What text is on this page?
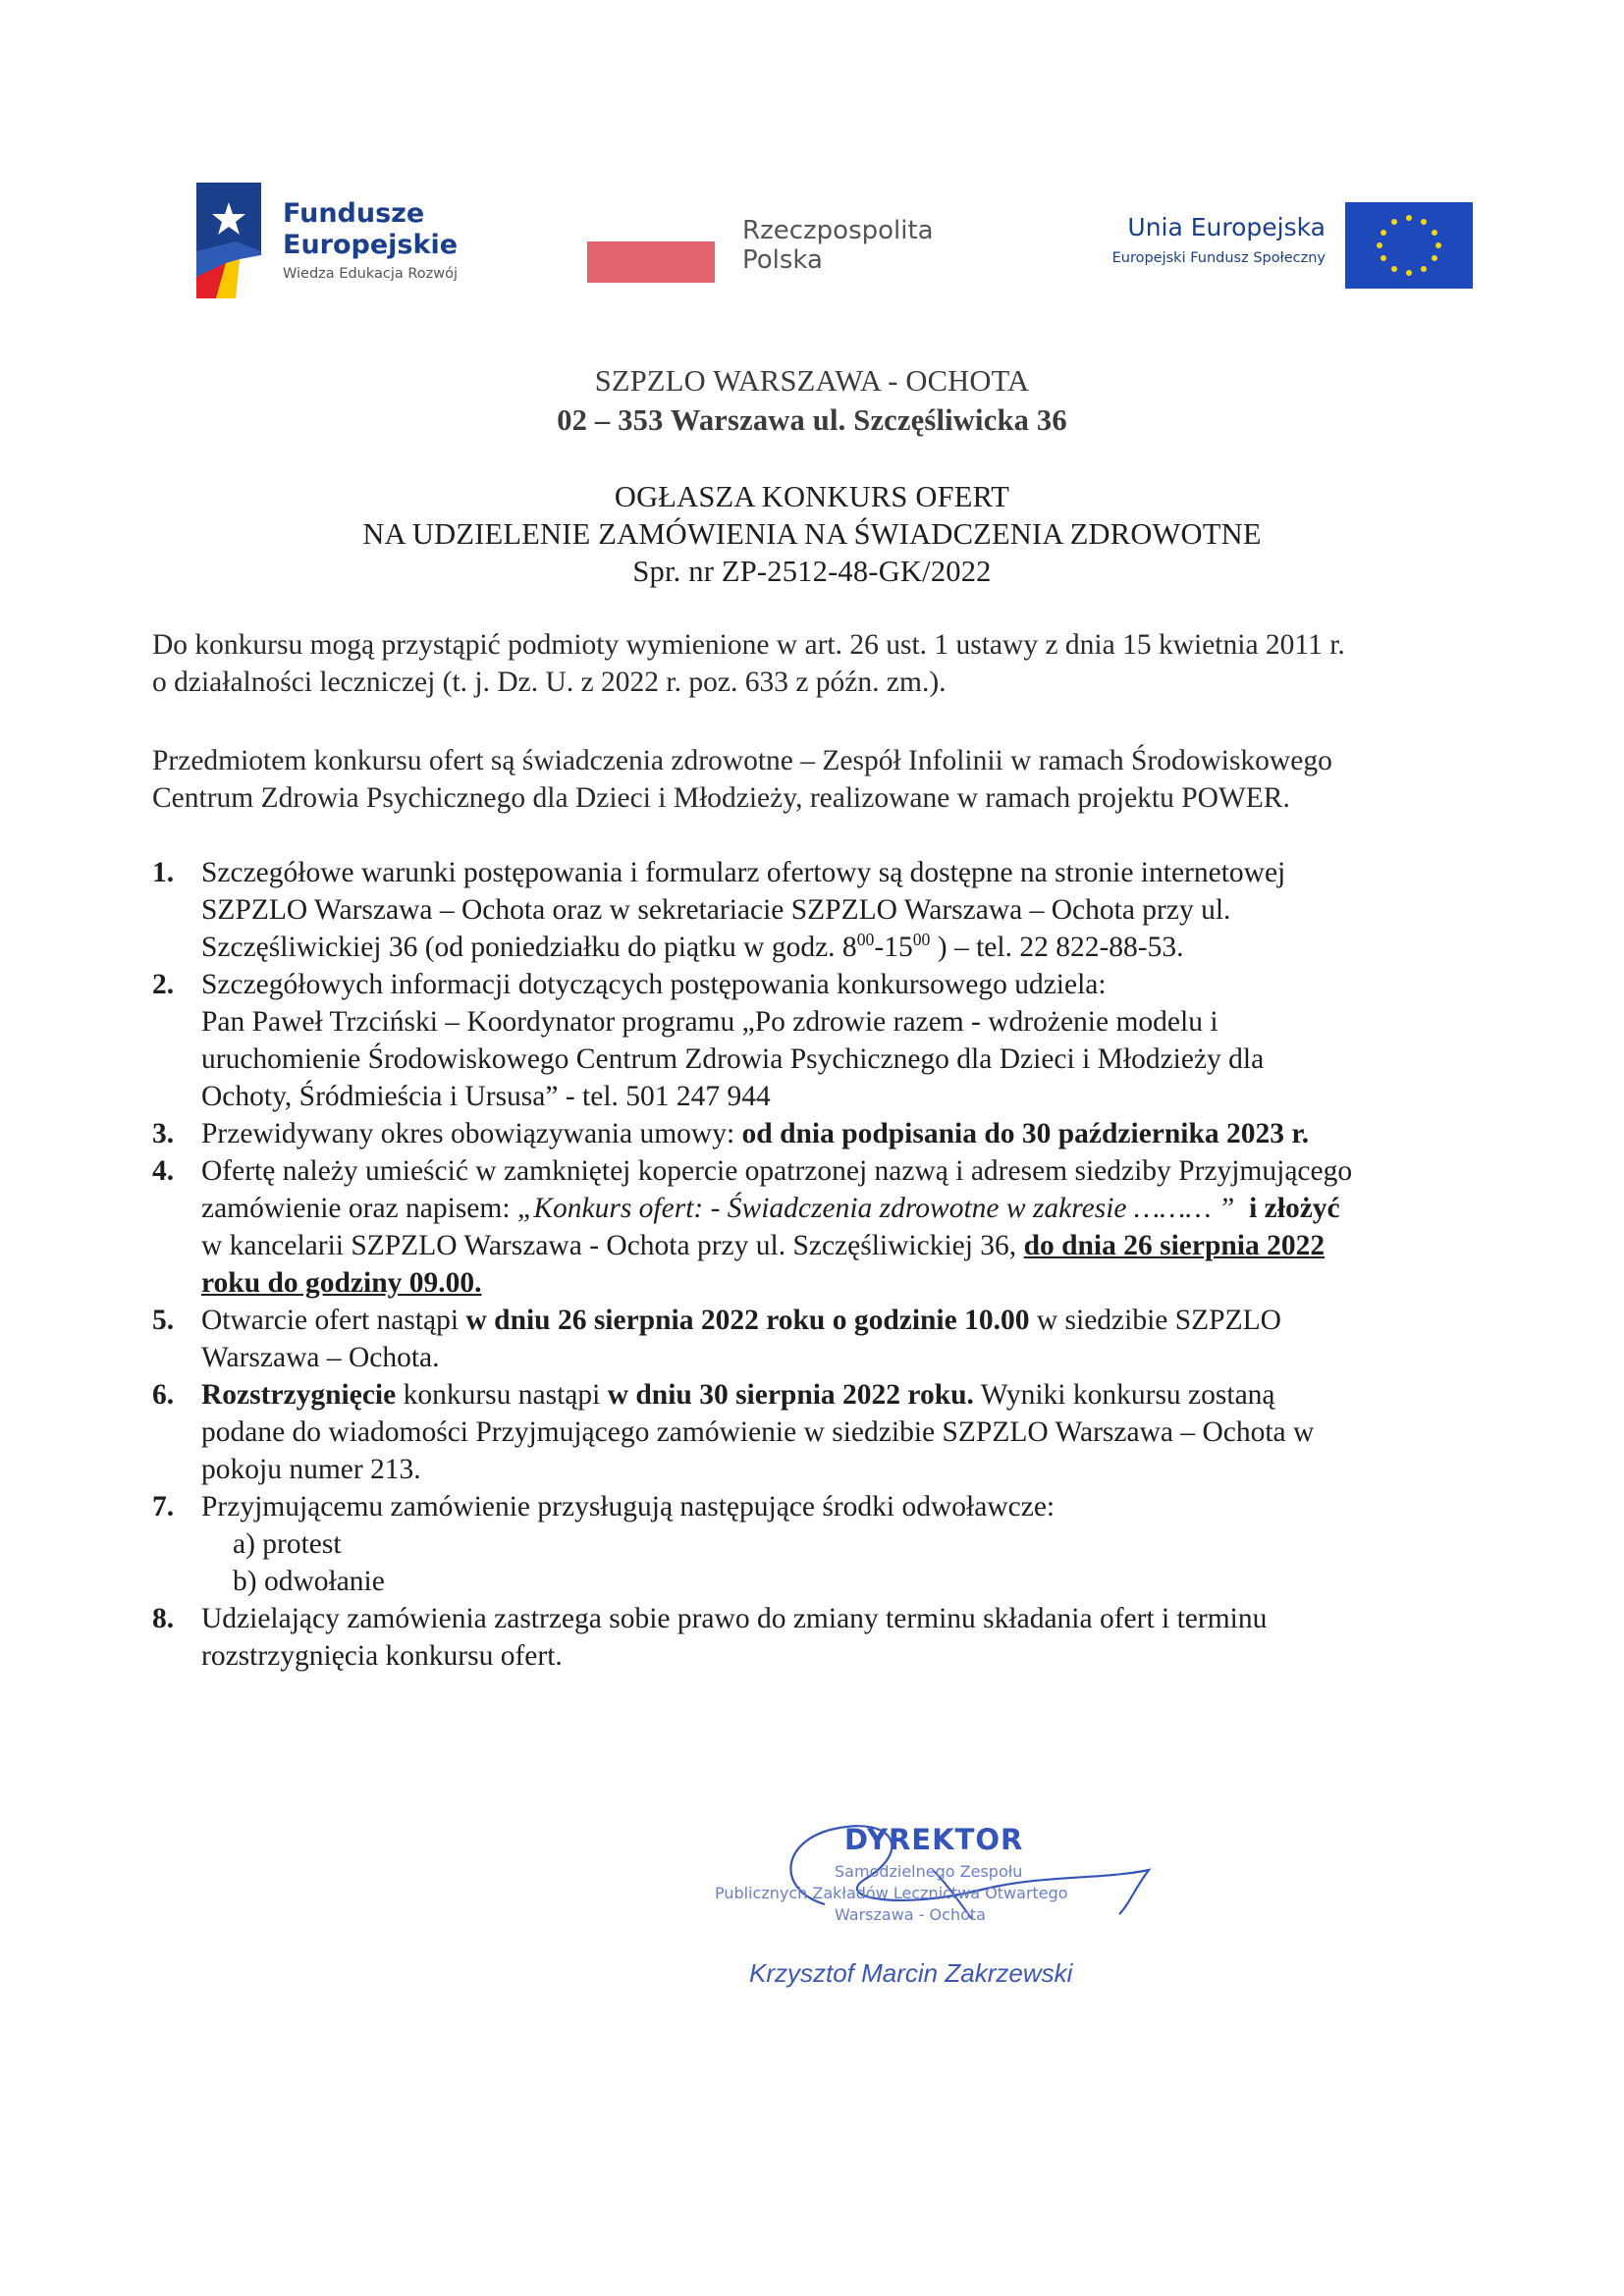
Fundusze
Europejskie
Wiedza Edukacja Rozwój
Rzeczpospolita
Polska
Unia Europejska
Europejski Fundusz Społeczny
SZPZLO WARSZAWA - OCHOTA
02 – 353 Warszawa ul. Szczęśliwicka 36
OGŁASZA KONKURS OFERT
NA UDZIELENIE ZAMÓWIENIA NA ŚWIADCZENIA ZDROWOTNE
Spr. nr ZP-2512-48-GK/2022
Do konkursu mogą przystąpić podmioty wymienione w art. 26 ust. 1 ustawy z dnia 15 kwietnia 2011 r.
o działalności leczniczej (t. j. Dz. U. z 2022 r. poz. 633 z późn. zm.).
Przedmiotem konkursu ofert są świadczenia zdrowotne – Zespół Infolinii w ramach Środowiskowego
Centrum Zdrowia Psychicznego dla Dzieci i Młodzieży, realizowane w ramach projektu POWER.
1. Szczegółowe warunki postępowania i formularz ofertowy są dostępne na stronie internetowej
SZPZLO Warszawa – Ochota oraz w sekretariacie SZPZLO Warszawa – Ochota przy ul.
Szczęśliwickiej 36 (od poniedziałku do piątku w godz. $8^{00}-15^{00}$ ) – tel. 22 822-88-53.
2. Szczegółowych informacji dotyczących postępowania konkursowego udziela:
Pan Paweł Trzciński – Koordynator programu „Po zdrowie razem - wdrożenie modelu i
uruchomienie Środowiskowego Centrum Zdrowia Psychicznego dla Dzieci i Młodzieży dla
Ochoty, Śródmieścia i Ursusa” - tel. 501 247 944
3. Przewidywany okres obowiązywania umowy: od dnia podpisania do 30 października 2023 r.
4. Ofertę należy umieścić w zamkniętej kopercie opatrzonej nazwą i adresem siedziby Przyjmującego
zamówienie oraz napisem: „Konkurs ofert: - Świadczenia zdrowotne w zakresie ……… ” i złożyć
w kancelarii SZPZLO Warszawa - Ochota przy ul. Szczęśliwickiej 36, do dnia 26 sierpnia 2022
roku do godziny 09.00.
5. Otwarcie ofert nastąpi w dniu 26 sierpnia 2022 roku o godzinie 10.00 w siedzibie SZPZLO
Warszawa – Ochota.
6. Rozstrzygnięcie konkursu nastąpi w dniu 30 sierpnia 2022 roku. Wyniki konkursu zostaną
podane do wiadomości Przyjmującego zamówienie w siedzibie SZPZLO Warszawa – Ochota w
pokoju numer 213.
7. Przyjmującemu zamówienie przysługują następujące środki odwoławcze:
a) protest
b) odwołanie
8. Udzielający zamówienia zastrzega sobie prawo do zmiany terminu składania ofert i terminu
rozstrzygnięcia konkursu ofert.
DYREKTOR
Samodzielnego Zespołu
Publicznych Zakładów Lecznictwa Otwartego
Warszawa - Ochota
Krzysztof Marcin Zakrzewski
